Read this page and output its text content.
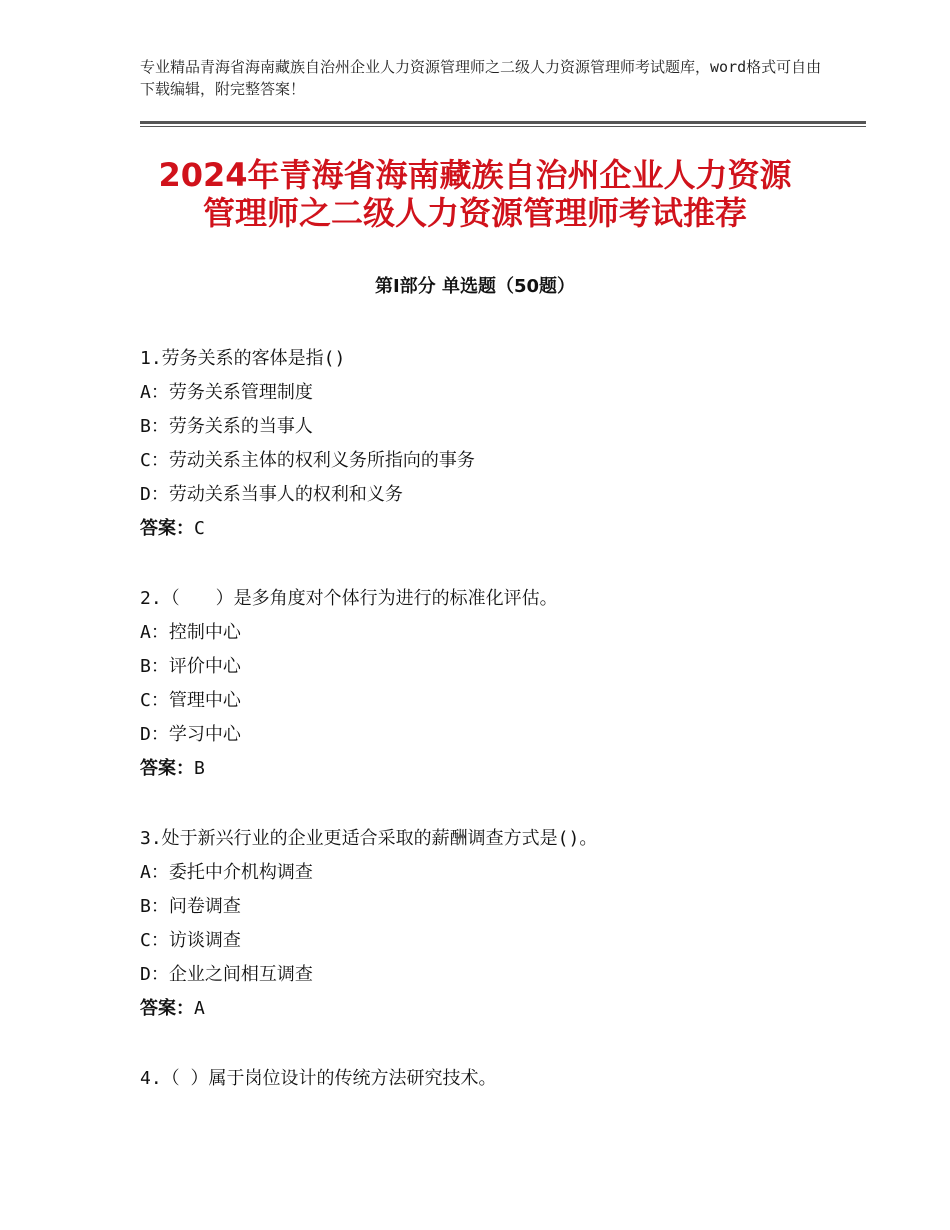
专业精品青海省海南藏族自治州企业人力资源管理师之二级人力资源管理师考试题库，word格式可自由下载编辑，附完整答案！
2024年青海省海南藏族自治州企业人力资源
管理师之二级人力资源管理师考试推荐
第Ⅰ部分 单选题（50题）
1.劳务关系的客体是指()
A：劳务关系管理制度
B：劳务关系的当事人
C：劳动关系主体的权利义务所指向的事务
D：劳动关系当事人的权利和义务
答案：C
2.（　　）是多角度对个体行为进行的标准化评估。
A：控制中心
B：评价中心
C：管理中心
D：学习中心
答案：B
3.处于新兴行业的企业更适合采取的薪酬调查方式是()。
A：委托中介机构调查
B：问卷调查
C：访谈调查
D：企业之间相互调查
答案：A
4.（ ）属于岗位设计的传统方法研究技术。
